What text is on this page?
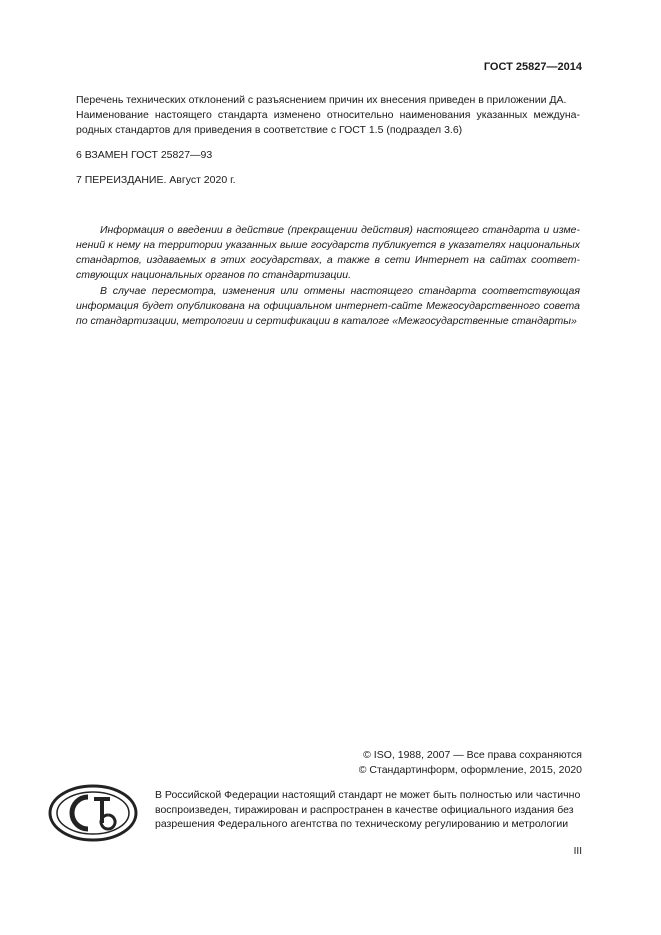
ГОСТ 25827—2014
Перечень технических отклонений с разъяснением причин их внесения приведен в приложении ДА.
Наименование настоящего стандарта изменено относительно наименования указанных международных стандартов для приведения в соответствие с ГОСТ 1.5 (подраздел 3.6)
6 ВЗАМЕН ГОСТ 25827—93
7 ПЕРЕИЗДАНИЕ. Август 2020 г.
Информация о введении в действие (прекращении действия) настоящего стандарта и изменений к нему на территории указанных выше государств публикуется в указателях национальных стандартов, издаваемых в этих государствах, а также в сети Интернет на сайтах соответствующих национальных органов по стандартизации.
В случае пересмотра, изменения или отмены настоящего стандарта соответствующая информация будет опубликована на официальном интернет-сайте Межгосударственного совета по стандартизации, метрологии и сертификации в каталоге «Межгосударственные стандарты»
© ISO, 1988, 2007 — Все права сохраняются
© Стандартинформ, оформление, 2015, 2020
В Российской Федерации настоящий стандарт не может быть полностью или частично воспроизведен, тиражирован и распространен в качестве официального издания без разрешения Федерального агентства по техническому регулированию и метрологии
III
